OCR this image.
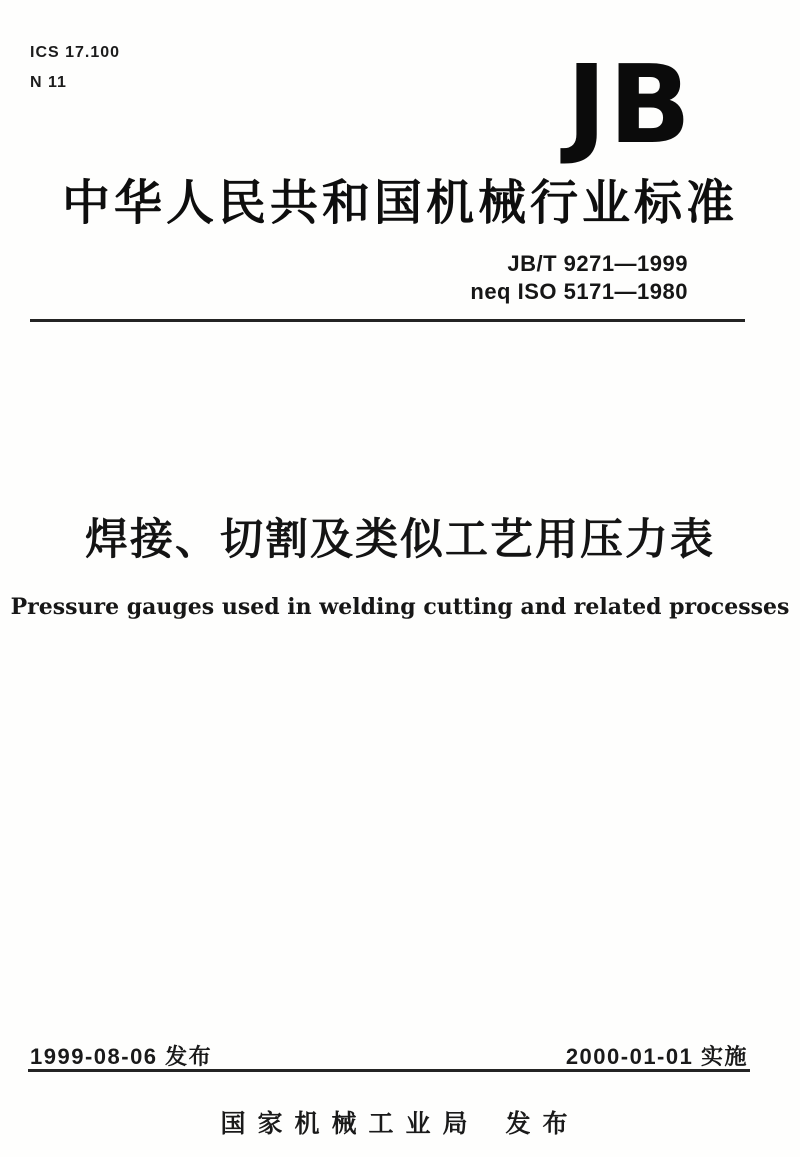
ICS 17.100
N 11	JB
中华人民共和国机械行业标准
JB/T 9271—1999
neq ISO 5171—1980
焊接、切割及类似工艺用压力表
Pressure gauges used in welding cutting and related processes
1999-08-06 发布	2000-01-01 实施
国家机械工业局 发布
